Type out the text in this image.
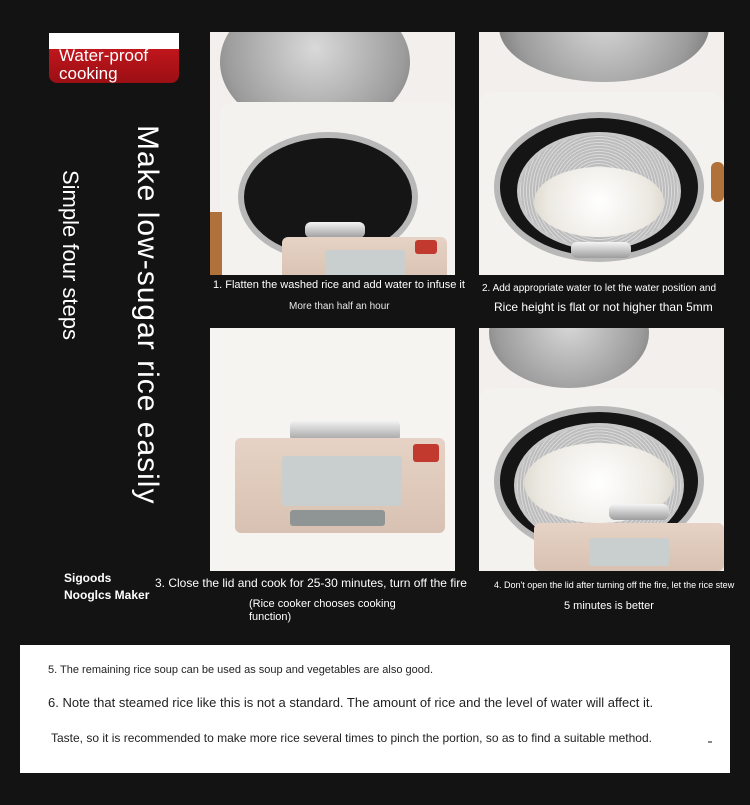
Water-proof
cooking
Make low-sugar rice easily
Simple four steps
Sigoods
Nooglcs Maker
1. Flatten the washed rice and add water to infuse it
More than half an hour
2. Add appropriate water to let the water position and
Rice height is flat or not higher than 5mm
3. Close the lid and cook for 25-30 minutes, turn off the fire
(Rice cooker chooses cooking function)
4. Don't open the lid after turning off the fire, let the rice stew
5 minutes is better

5. The remaining rice soup can be used as soup and vegetables are also good.

6. Note that steamed rice like this is not a standard. The amount of rice and the level of water will affect it.

Taste, so it is recommended to make more rice several times to pinch the portion, so as to find a suitable method.
